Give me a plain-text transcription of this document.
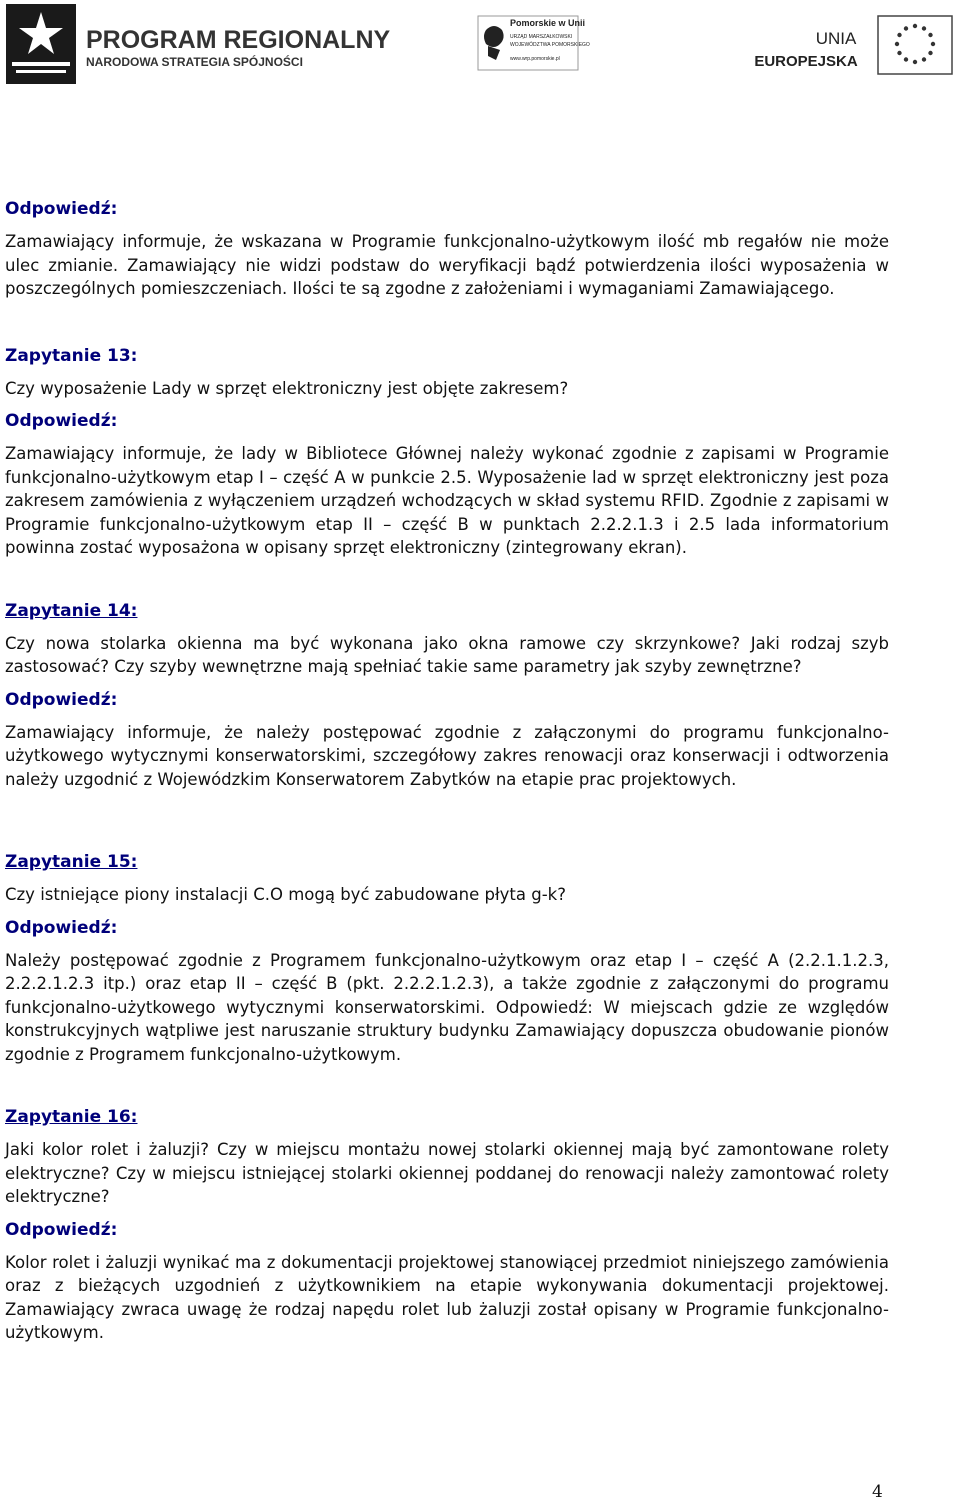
PROGRAM REGIONALNY
NARODOWA STRATEGIA SPÓJNOŚCI
Pomorskie w Unii
URZĄD MARSZAŁKOWSKI
WOJEWÓDZTWA POMORSKIEGO
www.wrp.pomorskie.pl
UNIA
EUROPEJSKA
Odpowiedź:

Zamawiający informuje, że wskazana w Programie funkcjonalno-użytkowym ilość mb regałów nie może ulec zmianie. Zamawiający nie widzi podstaw do weryfikacji bądź potwierdzenia ilości wyposażenia w poszczególnych pomieszczeniach. Ilości te są zgodne z założeniami i wymaganiami Zamawiającego.

Zapytanie 13:

Czy wyposażenie Lady w sprzęt elektroniczny jest objęte zakresem?

Odpowiedź:

Zamawiający informuje, że lady w Bibliotece Głównej należy wykonać zgodnie z zapisami w Programie funkcjonalno-użytkowym etap I – część A w punkcie 2.5. Wyposażenie lad w sprzęt elektroniczny jest poza zakresem zamówienia z wyłączeniem urządzeń wchodzących w skład systemu RFID. Zgodnie z zapisami w Programie funkcjonalno-użytkowym etap II – część B w punktach 2.2.2.1.3 i 2.5 lada informatorium powinna zostać wyposażona w opisany sprzęt elektroniczny (zintegrowany ekran).

Zapytanie 14:

Czy nowa stolarka okienna ma być wykonana jako okna ramowe czy skrzynkowe? Jaki rodzaj szyb zastosować? Czy szyby wewnętrzne mają spełniać takie same parametry jak szyby zewnętrzne?

Odpowiedź:

Zamawiający informuje, że należy postępować zgodnie z załączonymi do programu funkcjonalno-użytkowego wytycznymi konserwatorskimi, szczegółowy zakres renowacji oraz konserwacji i odtworzenia należy uzgodnić z Wojewódzkim Konserwatorem Zabytków na etapie prac projektowych.

Zapytanie 15:

Czy istniejące piony instalacji C.O mogą być zabudowane płyta g-k?

Odpowiedź:

Należy postępować zgodnie z Programem funkcjonalno-użytkowym oraz etap I – część A (2.2.1.1.2.3, 2.2.2.1.2.3 itp.) oraz etap II – część B (pkt. 2.2.2.1.2.3), a także zgodnie z załączonymi do programu funkcjonalno-użytkowego wytycznymi konserwatorskimi. Odpowiedź: W miejscach gdzie ze względów konstrukcyjnych wątpliwe jest naruszanie struktury budynku Zamawiający dopuszcza obudowanie pionów zgodnie z Programem funkcjonalno-użytkowym.

Zapytanie 16:

Jaki kolor rolet i żaluzji? Czy w miejscu montażu nowej stolarki okiennej mają być zamontowane rolety elektryczne? Czy w miejscu istniejącej stolarki okiennej poddanej do renowacji należy zamontować rolety elektryczne?

Odpowiedź:

Kolor rolet i żaluzji wynikać ma z dokumentacji projektowej stanowiącej przedmiot niniejszego zamówienia oraz z bieżących uzgodnień z użytkownikiem na etapie wykonywania dokumentacji projektowej. Zamawiający zwraca uwagę że rodzaj napędu rolet lub żaluzji został opisany w Programie funkcjonalno-użytkowym.

4
